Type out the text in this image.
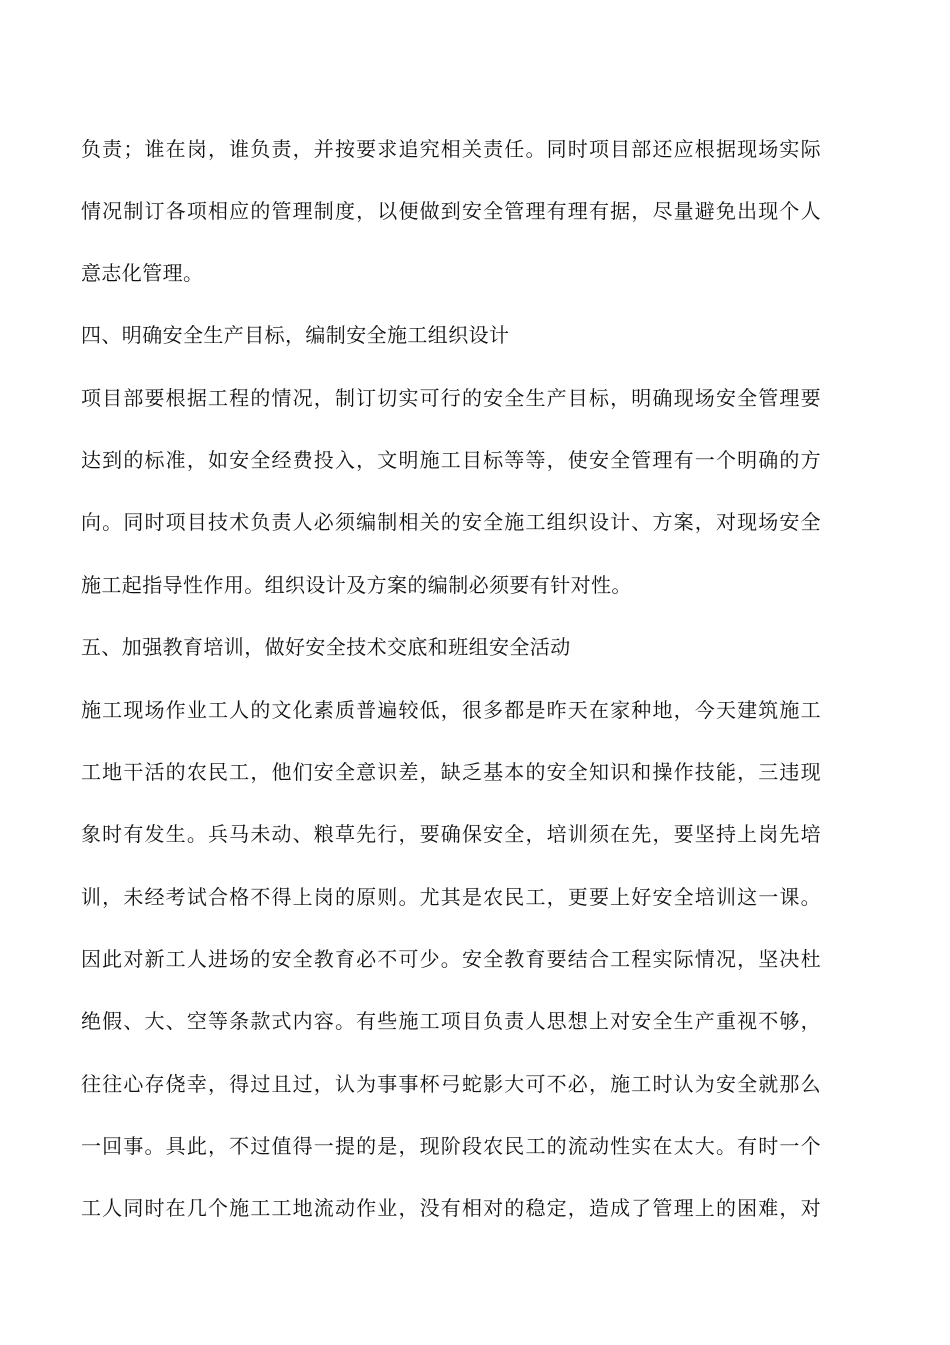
负责；谁在岗，谁负责，并按要求追究相关责任。同时项目部还应根据现场实际
情况制订各项相应的管理制度，以便做到安全管理有理有据，尽量避免出现个人
意志化管理。
四、明确安全生产目标，编制安全施工组织设计
项目部要根据工程的情况，制订切实可行的安全生产目标，明确现场安全管理要
达到的标准，如安全经费投入，文明施工目标等等，使安全管理有一个明确的方
向。同时项目技术负责人必须编制相关的安全施工组织设计、方案，对现场安全
施工起指导性作用。组织设计及方案的编制必须要有针对性。
五、加强教育培训，做好安全技术交底和班组安全活动
施工现场作业工人的文化素质普遍较低，很多都是昨天在家种地，今天建筑施工
工地干活的农民工，他们安全意识差，缺乏基本的安全知识和操作技能，三违现
象时有发生。兵马未动、粮草先行，要确保安全，培训须在先，要坚持上岗先培
训，未经考试合格不得上岗的原则。尤其是农民工，更要上好安全培训这一课。
因此对新工人进场的安全教育必不可少。安全教育要结合工程实际情况，坚决杜
绝假、大、空等条款式内容。有些施工项目负责人思想上对安全生产重视不够，
往往心存侥幸，得过且过，认为事事杯弓蛇影大可不必，施工时认为安全就那么
一回事。具此，不过值得一提的是，现阶段农民工的流动性实在太大。有时一个
工人同时在几个施工工地流动作业，没有相对的稳定，造成了管理上的困难，对
